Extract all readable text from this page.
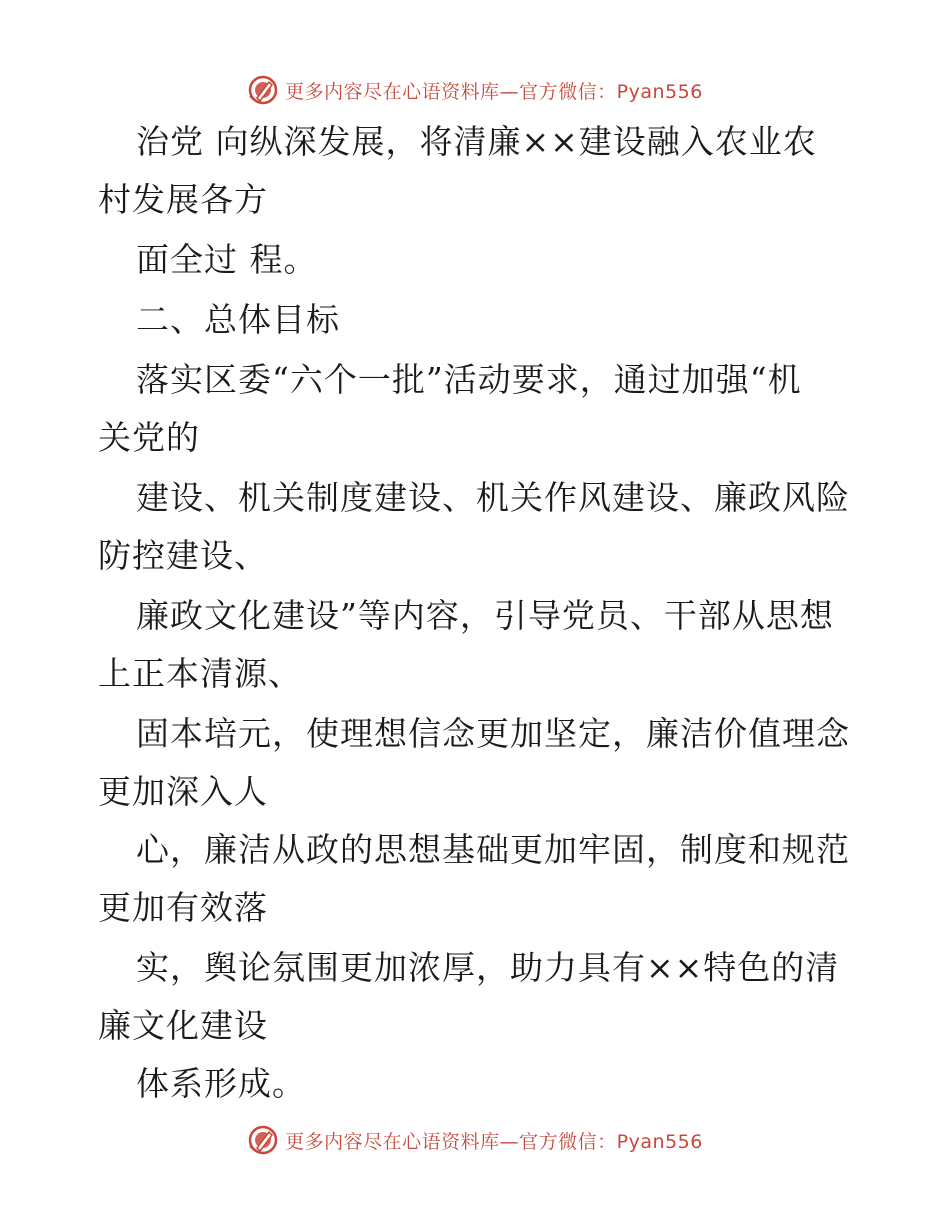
更多内容尽在心语资料库—官方微信：Pyan556
治党 向纵深发展，将清廉××建设融入农业农
村发展各方
面全过 程。
二、总体目标
落实区委“六个一批”活动要求，通过加强“机
关党的
建设、机关制度建设、机关作风建设、廉政风险
防控建设、
廉政文化建设”等内容，引导党员、干部从思想
上正本清源、
固本培元，使理想信念更加坚定，廉洁价值理念
更加深入人
心，廉洁从政的思想基础更加牢固，制度和规范
更加有效落
实，舆论氛围更加浓厚，助力具有××特色的清
廉文化建设
体系形成。
更多内容尽在心语资料库—官方微信：Pyan556
